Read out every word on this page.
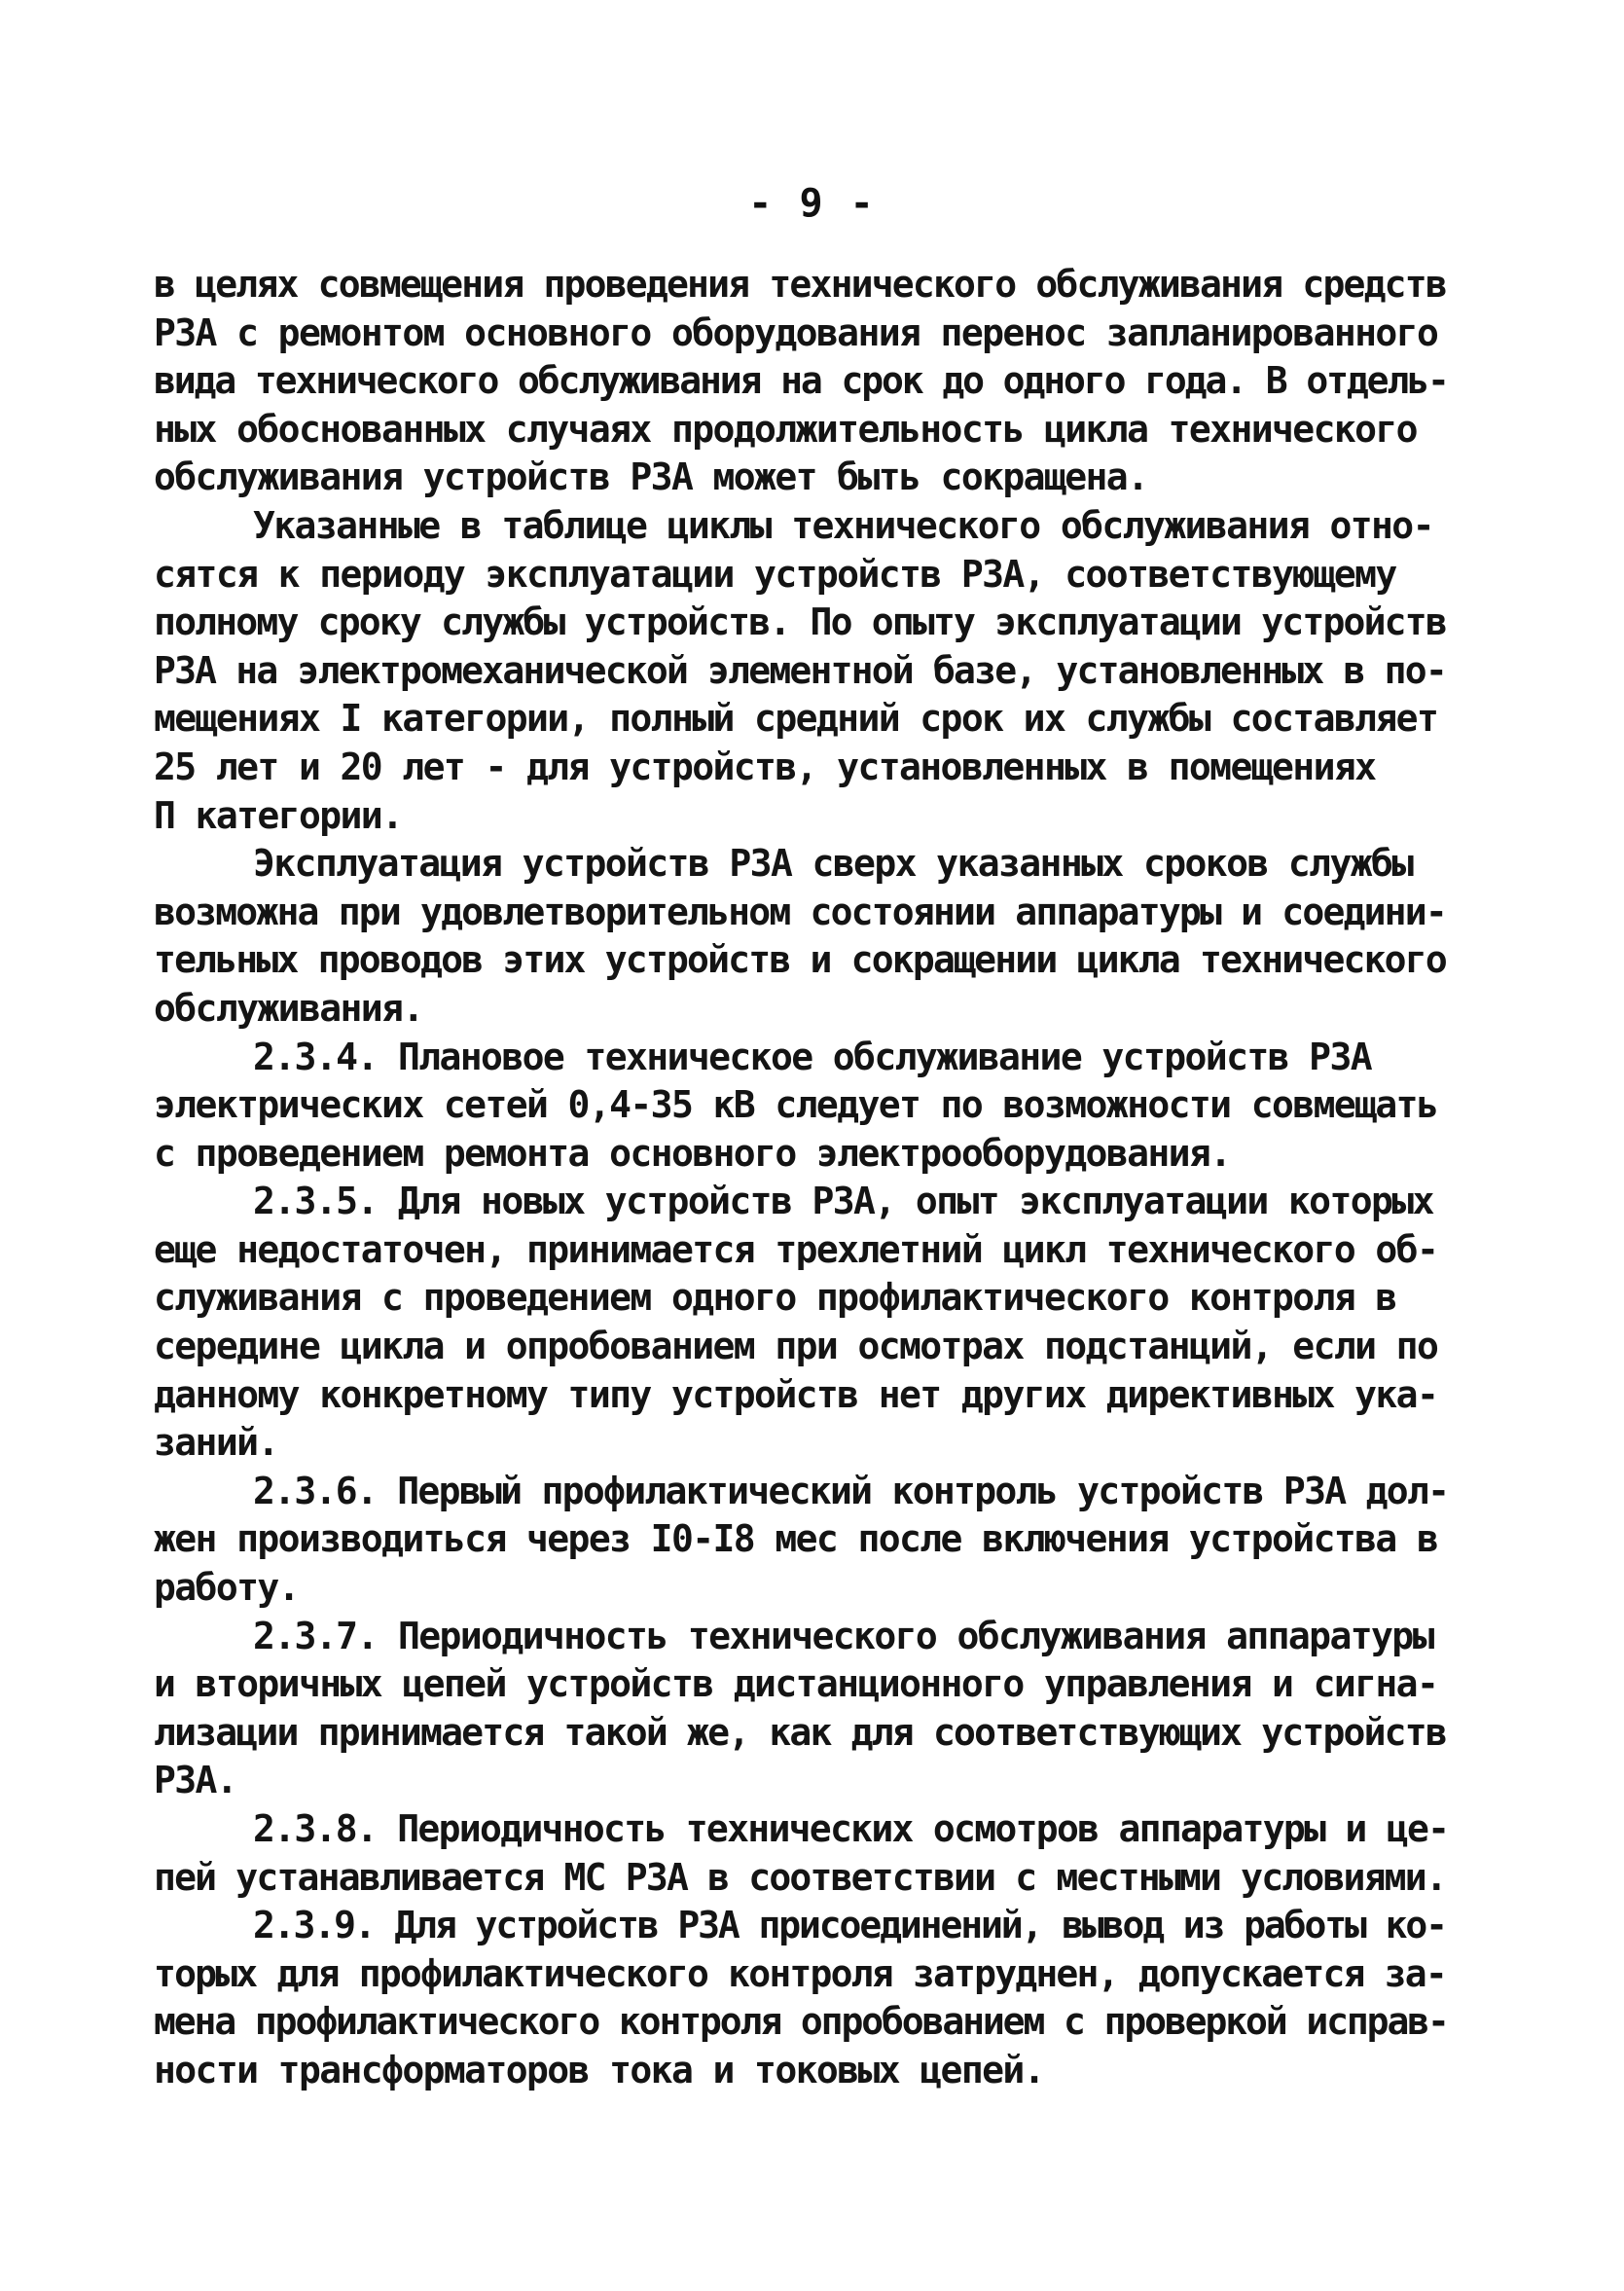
- 9 -
в целях совмещения проведения технического обслуживания средств
РЗА с ремонтом основного оборудования перенос запланированного
вида технического обслуживания на срок до одного года. В отдель-
ных обоснованных случаях продолжительность цикла технического
обслуживания устройств РЗА может быть сокращена.
Указанные в таблице циклы технического обслуживания отно-
сятся к периоду эксплуатации устройств РЗА, соответствующему
полному сроку службы устройств. По опыту эксплуатации устройств
РЗА на электромеханической элементной базе, установленных в по-
мещениях I категории, полный средний срок их службы составляет
25 лет и 20 лет - для устройств, установленных в помещениях
П категории.
Эксплуатация устройств РЗА сверх указанных сроков службы
возможна при удовлетворительном состоянии аппаратуры и соедини-
тельных проводов этих устройств и сокращении цикла технического
обслуживания.
2.3.4. Плановое техническое обслуживание устройств РЗА
электрических сетей 0,4-35 кВ следует по возможности совмещать
с проведением ремонта основного электрооборудования.
2.3.5. Для новых устройств РЗА, опыт эксплуатации которых
еще недостаточен, принимается трехлетний цикл технического об-
служивания с проведением одного профилактического контроля в
середине цикла и опробованием при осмотрах подстанций, если по
данному конкретному типу устройств нет других директивных ука-
заний.
2.3.6. Первый профилактический контроль устройств РЗА дол-
жен производиться через I0-I8 мес после включения устройства в
работу.
2.3.7. Периодичность технического обслуживания аппаратуры
и вторичных цепей устройств дистанционного управления и сигна-
лизации принимается такой же, как для соответствующих устройств
РЗА.
2.3.8. Периодичность технических осмотров аппаратуры и це-
пей устанавливается МС РЗА в соответствии с местными условиями.
2.3.9. Для устройств РЗА присоединений, вывод из работы ко-
торых для профилактического контроля затруднен, допускается за-
мена профилактического контроля опробованием с проверкой исправ-
ности трансформаторов тока и токовых цепей.
